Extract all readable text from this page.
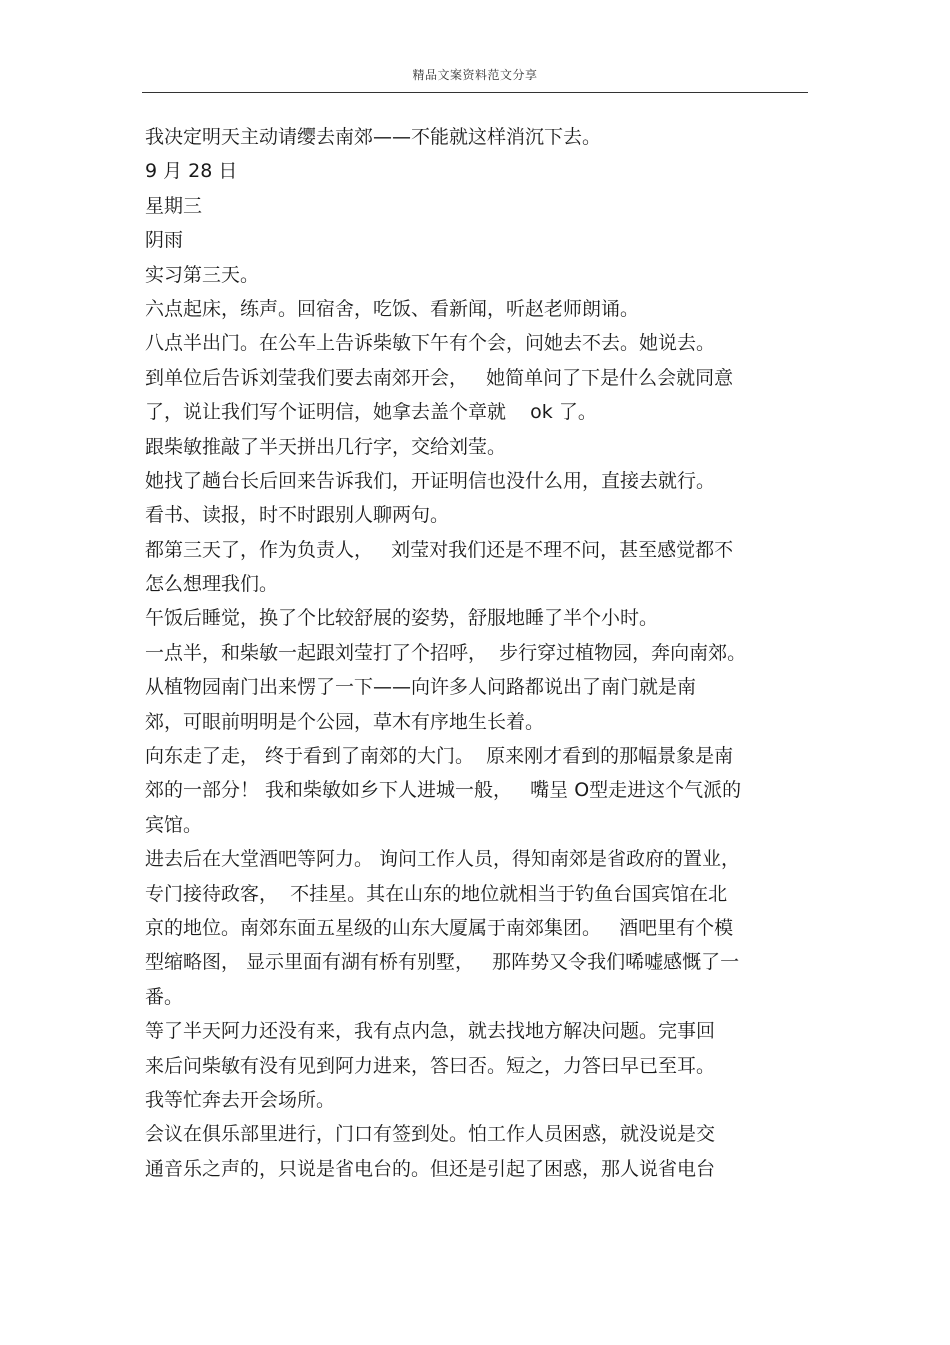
精品文案资料范文分享
我决定明天主动请缨去南郊——不能就这样消沉下去。
9 月 28 日
星期三
阴雨
实习第三天。
六点起床，练声。回宿舍，吃饭、看新闻，听赵老师朗诵。
八点半出门。在公车上告诉柴敏下午有个会，问她去不去。她说去。
到单位后告诉刘莹我们要去南郊开会，   她简单问了下是什么会就同意
了，说让我们写个证明信，她拿去盖个章就    ok 了。
跟柴敏推敲了半天拼出几行字，交给刘莹。
她找了趟台长后回来告诉我们，开证明信也没什么用，直接去就行。
看书、读报，时不时跟别人聊两句。
都第三天了，作为负责人，   刘莹对我们还是不理不问，甚至感觉都不
怎么想理我们。
午饭后睡觉，换了个比较舒展的姿势，舒服地睡了半个小时。
一点半，和柴敏一起跟刘莹打了个招呼，  步行穿过植物园，奔向南郊。
从植物园南门出来愣了一下——向许多人问路都说出了南门就是南
郊，可眼前明明是个公园，草木有序地生长着。
向东走了走， 终于看到了南郊的大门。  原来刚才看到的那幅景象是南
郊的一部分！ 我和柴敏如乡下人进城一般，   嘴呈 O型走进这个气派的
宾馆。
进去后在大堂酒吧等阿力。 询问工作人员，得知南郊是省政府的置业，
专门接待政客，  不挂星。其在山东的地位就相当于钓鱼台国宾馆在北
京的地位。南郊东面五星级的山东大厦属于南郊集团。   酒吧里有个模
型缩略图， 显示里面有湖有桥有别墅，   那阵势又令我们唏嘘感慨了一
番。
等了半天阿力还没有来，我有点内急，就去找地方解决问题。完事回
来后问柴敏有没有见到阿力进来，答曰否。短之，力答曰早已至耳。
我等忙奔去开会场所。
会议在俱乐部里进行，门口有签到处。怕工作人员困惑，就没说是交
通音乐之声的，只说是省电台的。但还是引起了困惑，那人说省电台
